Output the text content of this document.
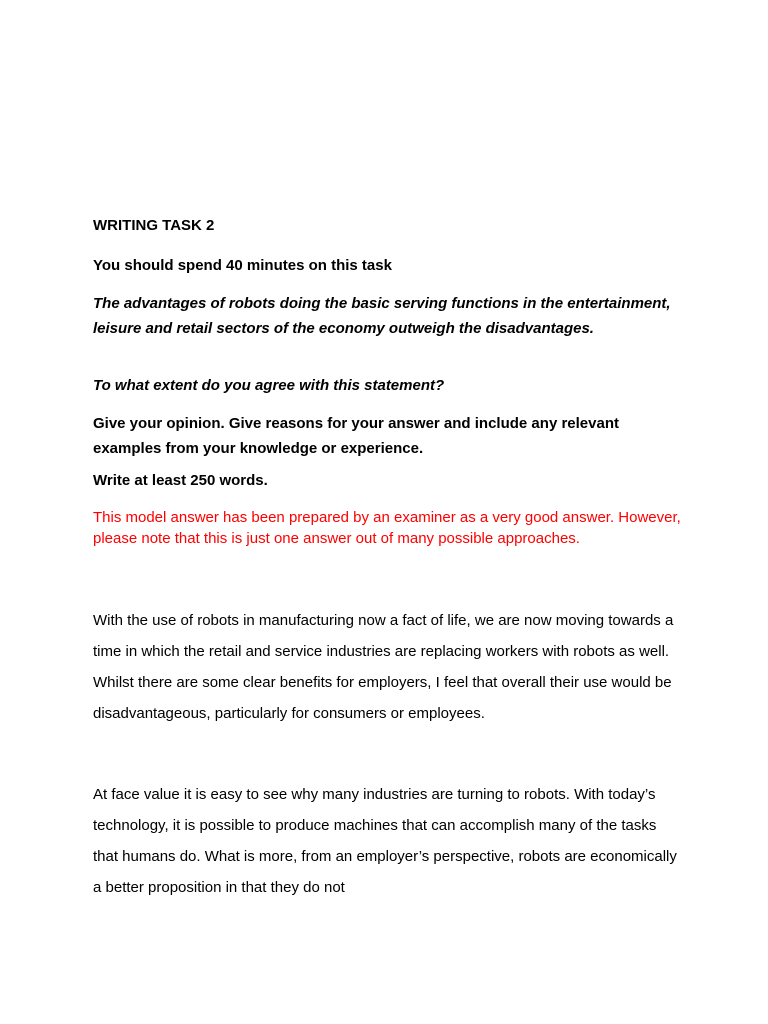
WRITING TASK 2

You should spend 40 minutes on this task

The advantages of robots doing the basic serving functions in the entertainment, leisure and retail sectors of the economy outweigh the disadvantages.

To what extent do you agree with this statement?

Give your opinion. Give reasons for your answer and include any relevant examples from your knowledge or experience.

Write at least 250 words.

This model answer has been prepared by an examiner as a very good answer. However, please note that this is just one answer out of many possible approaches.

With the use of robots in manufacturing now a fact of life, we are now moving towards a time in which the retail and service industries are replacing workers with robots as well. Whilst there are some clear benefits for employers, I feel that overall their use would be disadvantageous, particularly for consumers or employees.

At face value it is easy to see why many industries are turning to robots. With today’s technology, it is possible to produce machines that can accomplish many of the tasks that humans do. What is more, from an employer’s perspective, robots are economically a better proposition in that they do not
